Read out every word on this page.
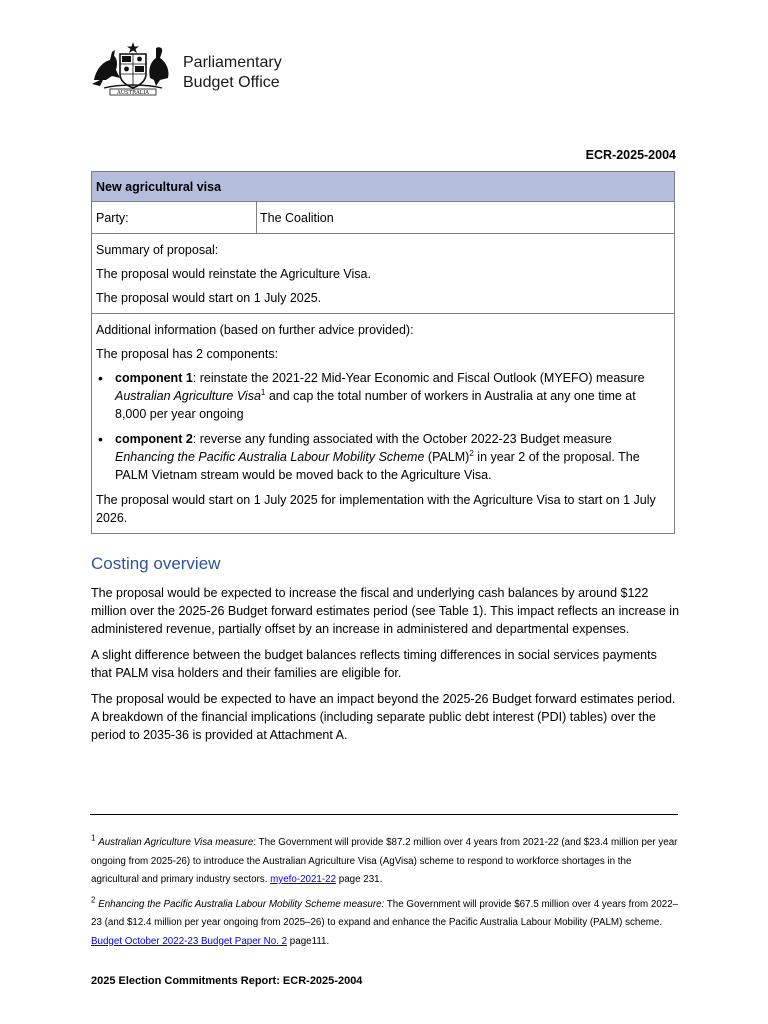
AUSTRALIA
Parliamentary
Budget Office
ECR-2025-2004
New agricultural visa
Party:	The Coalition

Summary of proposal:

The proposal would reinstate the Agriculture Visa.

The proposal would start on 1 July 2025.

Additional information (based on further advice provided):

The proposal has 2 components:

• component 1: reinstate the 2021-22 Mid-Year Economic and Fiscal Outlook (MYEFO) measure Australian Agriculture Visa$^1$ and cap the total number of workers in Australia at any one time at 8,000 per year ongoing
• component 2: reverse any funding associated with the October 2022-23 Budget measure Enhancing the Pacific Australia Labour Mobility Scheme (PALM)$^2$ in year 2 of the proposal. The PALM Vietnam stream would be moved back to the Agriculture Visa.

The proposal would start on 1 July 2025 for implementation with the Agriculture Visa to start on 1 July 2026.

Costing overview

The proposal would be expected to increase the fiscal and underlying cash balances by around $122 million over the 2025-26 Budget forward estimates period (see Table 1). This impact reflects an increase in administered revenue, partially offset by an increase in administered and departmental expenses.

A slight difference between the budget balances reflects timing differences in social services payments that PALM visa holders and their families are eligible for.

The proposal would be expected to have an impact beyond the 2025-26 Budget forward estimates period. A breakdown of the financial implications (including separate public debt interest (PDI) tables) over the period to 2035-36 is provided at Attachment A.

$^1$ Australian Agriculture Visa measure: The Government will provide $87.2 million over 4 years from 2021-22 (and $23.4 million per year ongoing from 2025-26) to introduce the Australian Agriculture Visa (AgVisa) scheme to respond to workforce shortages in the agricultural and primary industry sectors. myefo-2021-22 page 231.

$^2$ Enhancing the Pacific Australia Labour Mobility Scheme measure: The Government will provide $67.5 million over 4 years from 2022–23 (and $12.4 million per year ongoing from 2025–26) to expand and enhance the Pacific Australia Labour Mobility (PALM) scheme. Budget October 2022-23 Budget Paper No. 2 page111.

2025 Election Commitments Report: ECR-2025-2004
